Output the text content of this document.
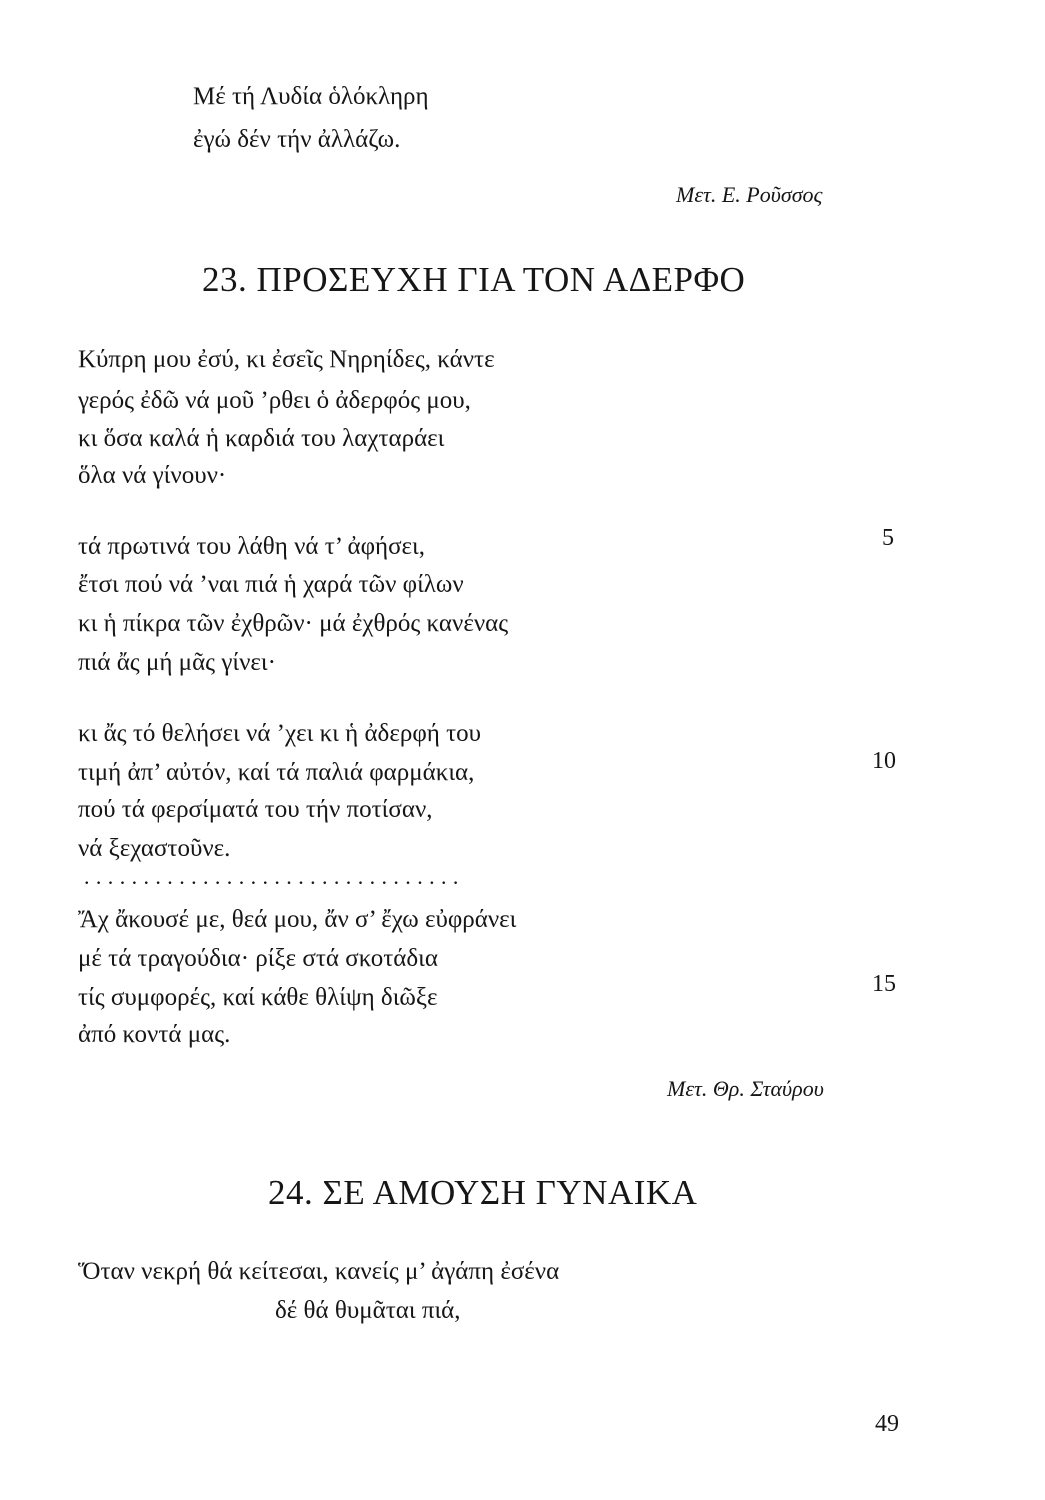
Μέ τή Λυδία ὁλόκληρη
ἐγώ δέν τήν ἀλλάζω.
Μετ. Ε. Ροῦσσος
23. ΠΡΟΣΕΥΧΗ ΓΙΑ ΤΟΝ ΑΔΕΡΦΟ
Κύπρη μου ἐσύ, κι ἐσεῖς Νηρηίδες, κάντε
γερός ἐδῶ νά μοῦ ’ρθει ὁ ἀδερφός μου,
κι ὅσα καλά ἡ καρδιά του λαχταράει
ὅλα νά γίνουν·
τά πρωτινά του λάθη νά τ’ ἀφήσει,	5
ἔτσι πού νά ’ναι πιά ἡ χαρά τῶν φίλων
κι ἡ πίκρα τῶν ἐχθρῶν· μά ἐχθρός κανένας
πιά ἄς μή μᾶς γίνει·
κι ἄς τό θελήσει νά ’χει κι ἡ ἀδερφή του
τιμή ἀπ’ αὐτόν, καί τά παλιά φαρμάκια,	10
πού τά φερσίματά του τήν ποτίσαν,
νά ξεχαστοῦνε.
................................
Ἄχ ἄκουσέ με, θεά μου, ἄν σ’ ἔχω εὐφράνει
μέ τά τραγούδια· ρίξε στά σκοτάδια
τίς συμφορές, καί κάθε θλίψη διῶξε	15
ἀπό κοντά μας.
Μετ. Θρ. Σταύρου
24. ΣΕ ΑΜΟΥΣΗ ΓΥΝΑΙΚΑ
Ὅταν νεκρή θά κείτεσαι, κανείς μ’ ἀγάπη ἐσένα
δέ θά θυμᾶται πιά,
49
